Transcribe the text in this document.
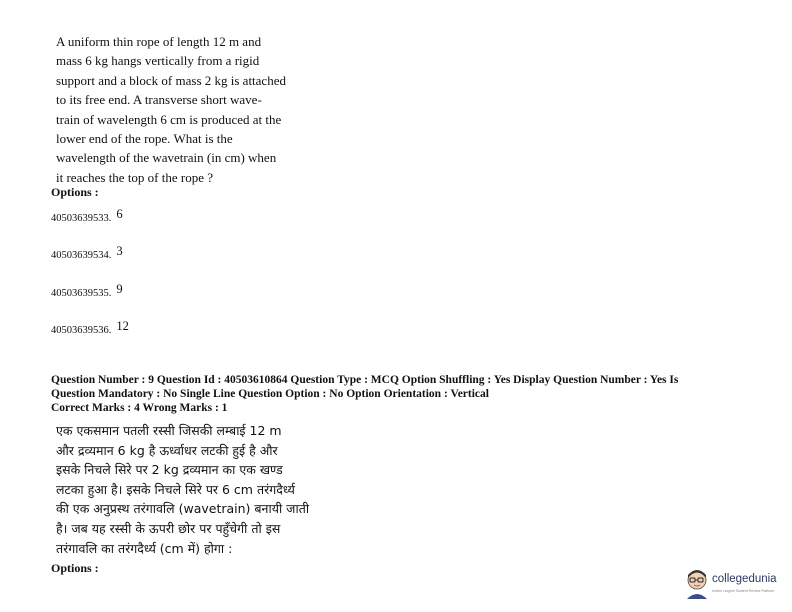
A uniform thin rope of length 12 m and
mass 6 kg hangs vertically from a rigid
support and a block of mass 2 kg is attached
to its free end. A transverse short wave-
train of wavelength 6 cm is produced at the
lower end of the rope. What is the
wavelength of the wavetrain (in cm) when
it reaches the top of the rope ?
Options :
40503639533. 6
40503639534. 3
40503639535. 9
40503639536. 12
Question Number : 9 Question Id : 40503610864 Question Type : MCQ Option Shuffling : Yes Display Question Number : Yes Is
Question Mandatory : No Single Line Question Option : No Option Orientation : Vertical
Correct Marks : 4 Wrong Marks : 1
एक एकसमान पतली रस्सी जिसकी लम्बाई 12 m
और द्रव्यमान 6 kg है ऊर्ध्वाधर लटकी हुई है और
इसके निचले सिरे पर 2 kg द्रव्यमान का एक खण्ड
लटका हुआ है। इसके निचले सिरे पर 6 cm तरंगदैर्ध्य
की एक अनुप्रस्थ तरंगावलि (wavetrain) बनायी जाती
है। जब यह रस्सी के ऊपरी छोर पर पहुँचेगी तो इस
तरंगावलि का तरंगदैर्ध्य (cm में) होगा :
Options :
collegedunia
India's Largest Student Review Platform
